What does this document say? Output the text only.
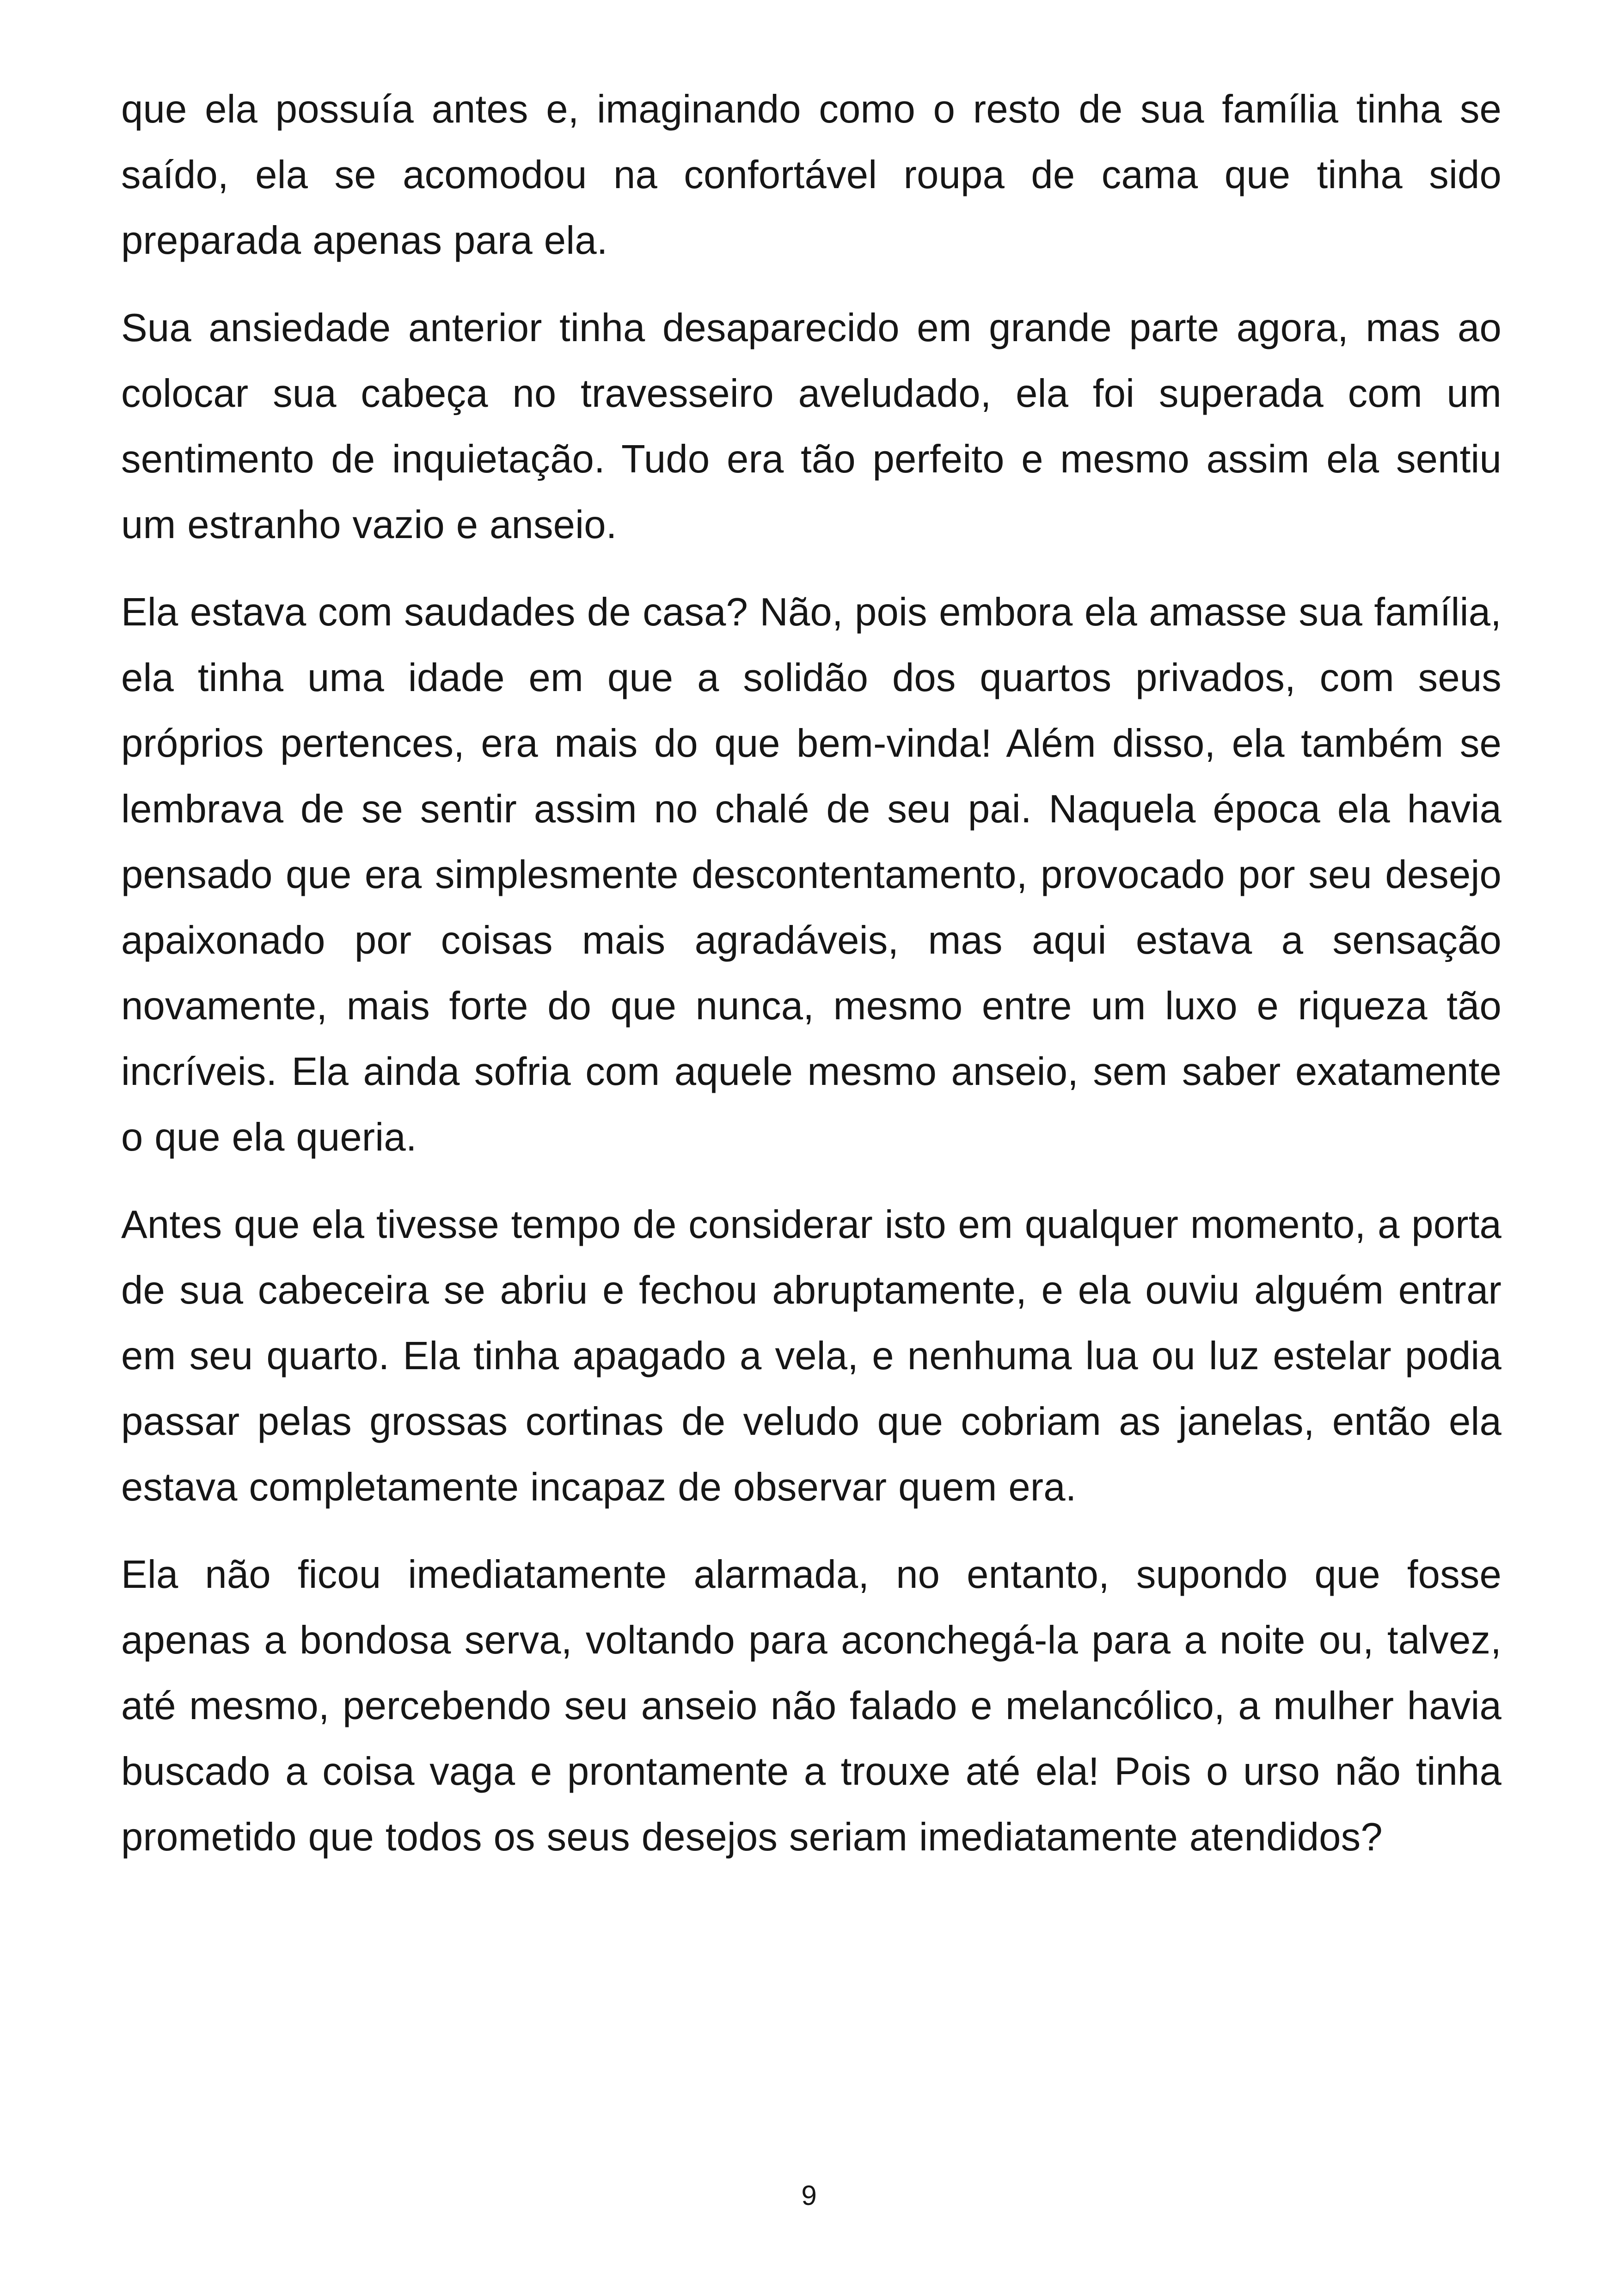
que ela possuía antes e, imaginando como o resto de sua família tinha se saído, ela se acomodou na confortável roupa de cama que tinha sido preparada apenas para ela.

Sua ansiedade anterior tinha desaparecido em grande parte agora, mas ao colocar sua cabeça no travesseiro aveludado, ela foi superada com um sentimento de inquietação. Tudo era tão perfeito e mesmo assim ela sentiu um estranho vazio e anseio.

Ela estava com saudades de casa? Não, pois embora ela amasse sua família, ela tinha uma idade em que a solidão dos quartos privados, com seus próprios pertences, era mais do que bem-vinda! Além disso, ela também se lembrava de se sentir assim no chalé de seu pai. Naquela época ela havia pensado que era simplesmente descontentamento, provocado por seu desejo apaixonado por coisas mais agradáveis, mas aqui estava a sensação novamente, mais forte do que nunca, mesmo entre um luxo e riqueza tão incríveis. Ela ainda sofria com aquele mesmo anseio, sem saber exatamente o que ela queria.

Antes que ela tivesse tempo de considerar isto em qualquer momento, a porta de sua cabeceira se abriu e fechou abruptamente, e ela ouviu alguém entrar em seu quarto. Ela tinha apagado a vela, e nenhuma lua ou luz estelar podia passar pelas grossas cortinas de veludo que cobriam as janelas, então ela estava completamente incapaz de observar quem era.

Ela não ficou imediatamente alarmada, no entanto, supondo que fosse apenas a bondosa serva, voltando para aconchegá-la para a noite ou, talvez, até mesmo, percebendo seu anseio não falado e melancólico, a mulher havia buscado a coisa vaga e prontamente a trouxe até ela! Pois o urso não tinha prometido que todos os seus desejos seriam imediatamente atendidos?

9
